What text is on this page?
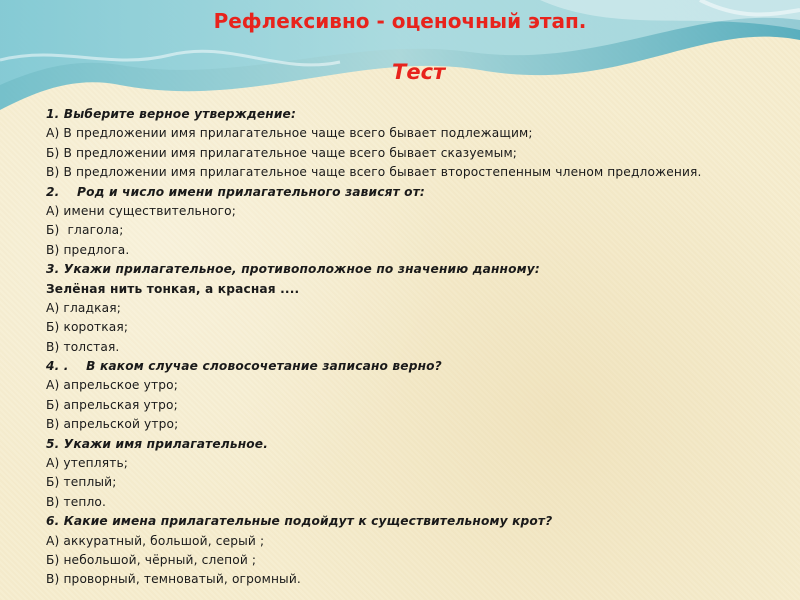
Рефлексивно - оценочный этап.
Тест
1. Выберите верное утверждение:
А) В предложении имя прилагательное чаще всего бывает подлежащим;
Б) В предложении имя прилагательное чаще всего бывает сказуемым;
В) В предложении имя прилагательное чаще всего бывает второстепенным членом предложения.
2.    Род и число имени прилагательного зависят от:
А) имени существительного;
Б)  глагола;
В) предлога.
3. Укажи прилагательное, противоположное по значению данному:
Зелёная нить тонкая, а красная ....
А) гладкая;
Б) короткая;
В) толстая.
4. .    В каком случае словосочетание записано верно?
А) апрельское утро;
Б) апрельская утро;
В) апрельской утро;
5. Укажи имя прилагательное.
А) утеплять;
Б) теплый;
В) тепло.
6. Какие имена прилагательные подойдут к существительному крот?
А) аккуратный, большой, серый ;
Б) небольшой, чёрный, слепой ;
В) проворный, темноватый, огромный.
